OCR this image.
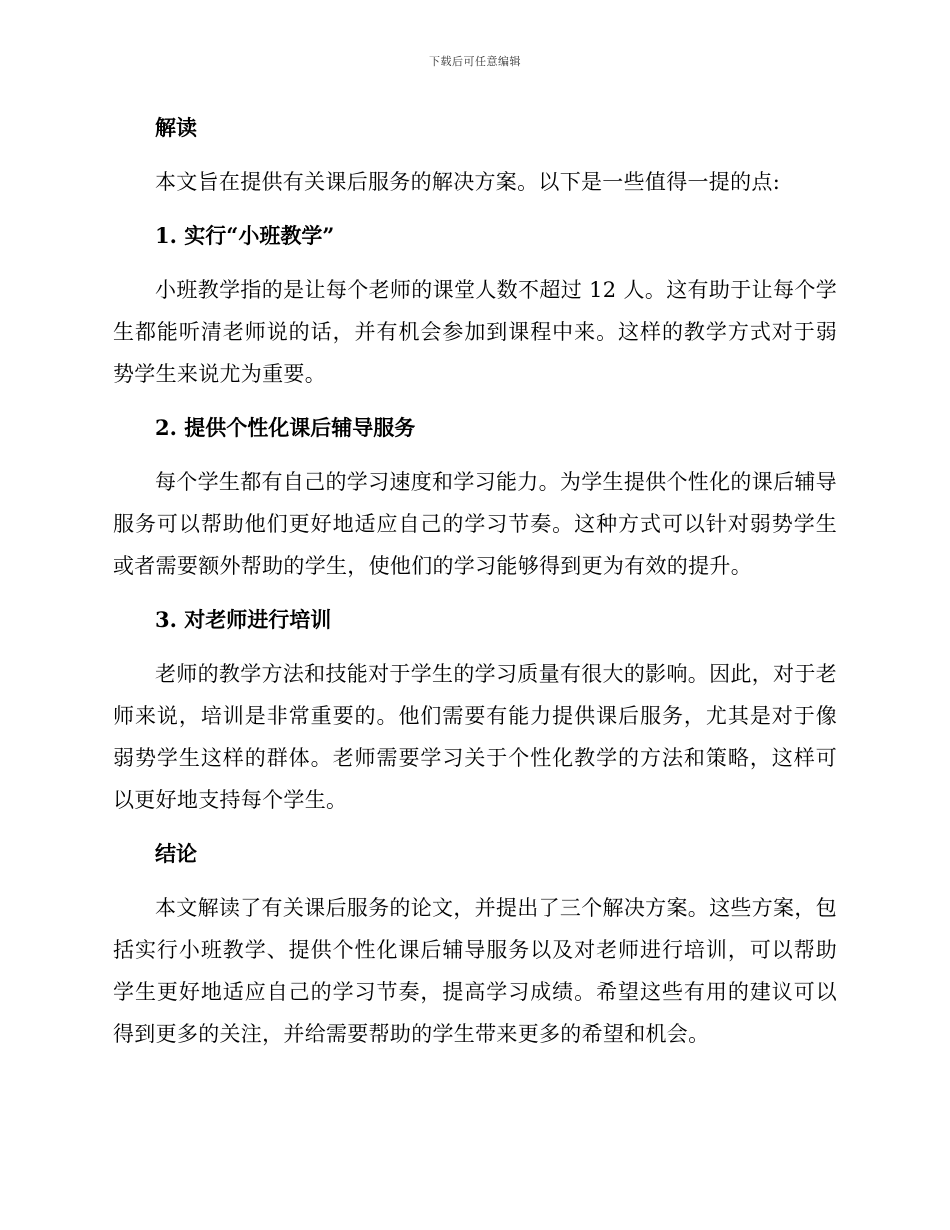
下载后可任意编辑
解读

本文旨在提供有关课后服务的解决方案。以下是一些值得一提的点:

1. 实行“小班教学”

小班教学指的是让每个老师的课堂人数不超过 12 人。这有助于让每个学生都能听清老师说的话，并有机会参加到课程中来。这样的教学方式对于弱势学生来说尤为重要。

2. 提供个性化课后辅导服务

每个学生都有自己的学习速度和学习能力。为学生提供个性化的课后辅导服务可以帮助他们更好地适应自己的学习节奏。这种方式可以针对弱势学生或者需要额外帮助的学生，使他们的学习能够得到更为有效的提升。

3. 对老师进行培训

老师的教学方法和技能对于学生的学习质量有很大的影响。因此，对于老师来说，培训是非常重要的。他们需要有能力提供课后服务，尤其是对于像弱势学生这样的群体。老师需要学习关于个性化教学的方法和策略，这样可以更好地支持每个学生。

结论

本文解读了有关课后服务的论文，并提出了三个解决方案。这些方案，包括实行小班教学、提供个性化课后辅导服务以及对老师进行培训，可以帮助学生更好地适应自己的学习节奏，提高学习成绩。希望这些有用的建议可以得到更多的关注，并给需要帮助的学生带来更多的希望和机会。
